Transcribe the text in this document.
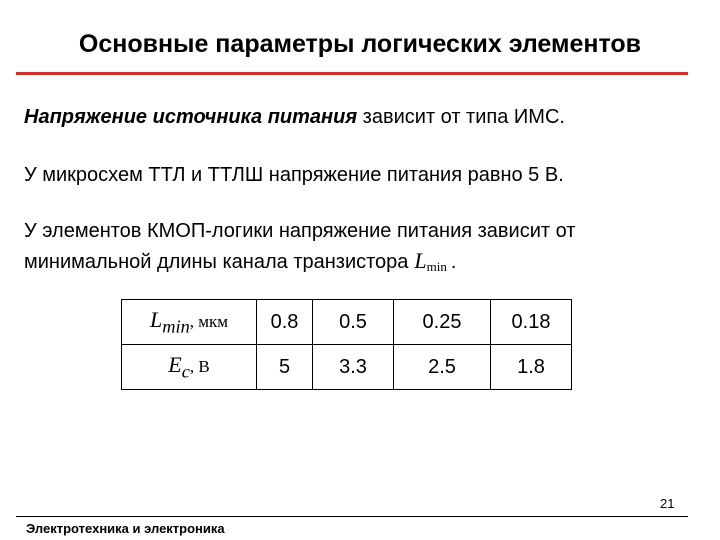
Основные параметры логических элементов
Напряжение источника питания зависит от типа ИМС.
У микросхем ТТЛ и ТТЛШ напряжение питания равно 5 В.
У элементов КМОП-логики напряжение питания зависит от
минимальной длины канала транзистора $L_{min}$ .
$L_{min}$, мкм	0.8	0.5	0.25	0.18
$E_с$, В	5	3.3	2.5	1.8
21
Электротехника и электроника
